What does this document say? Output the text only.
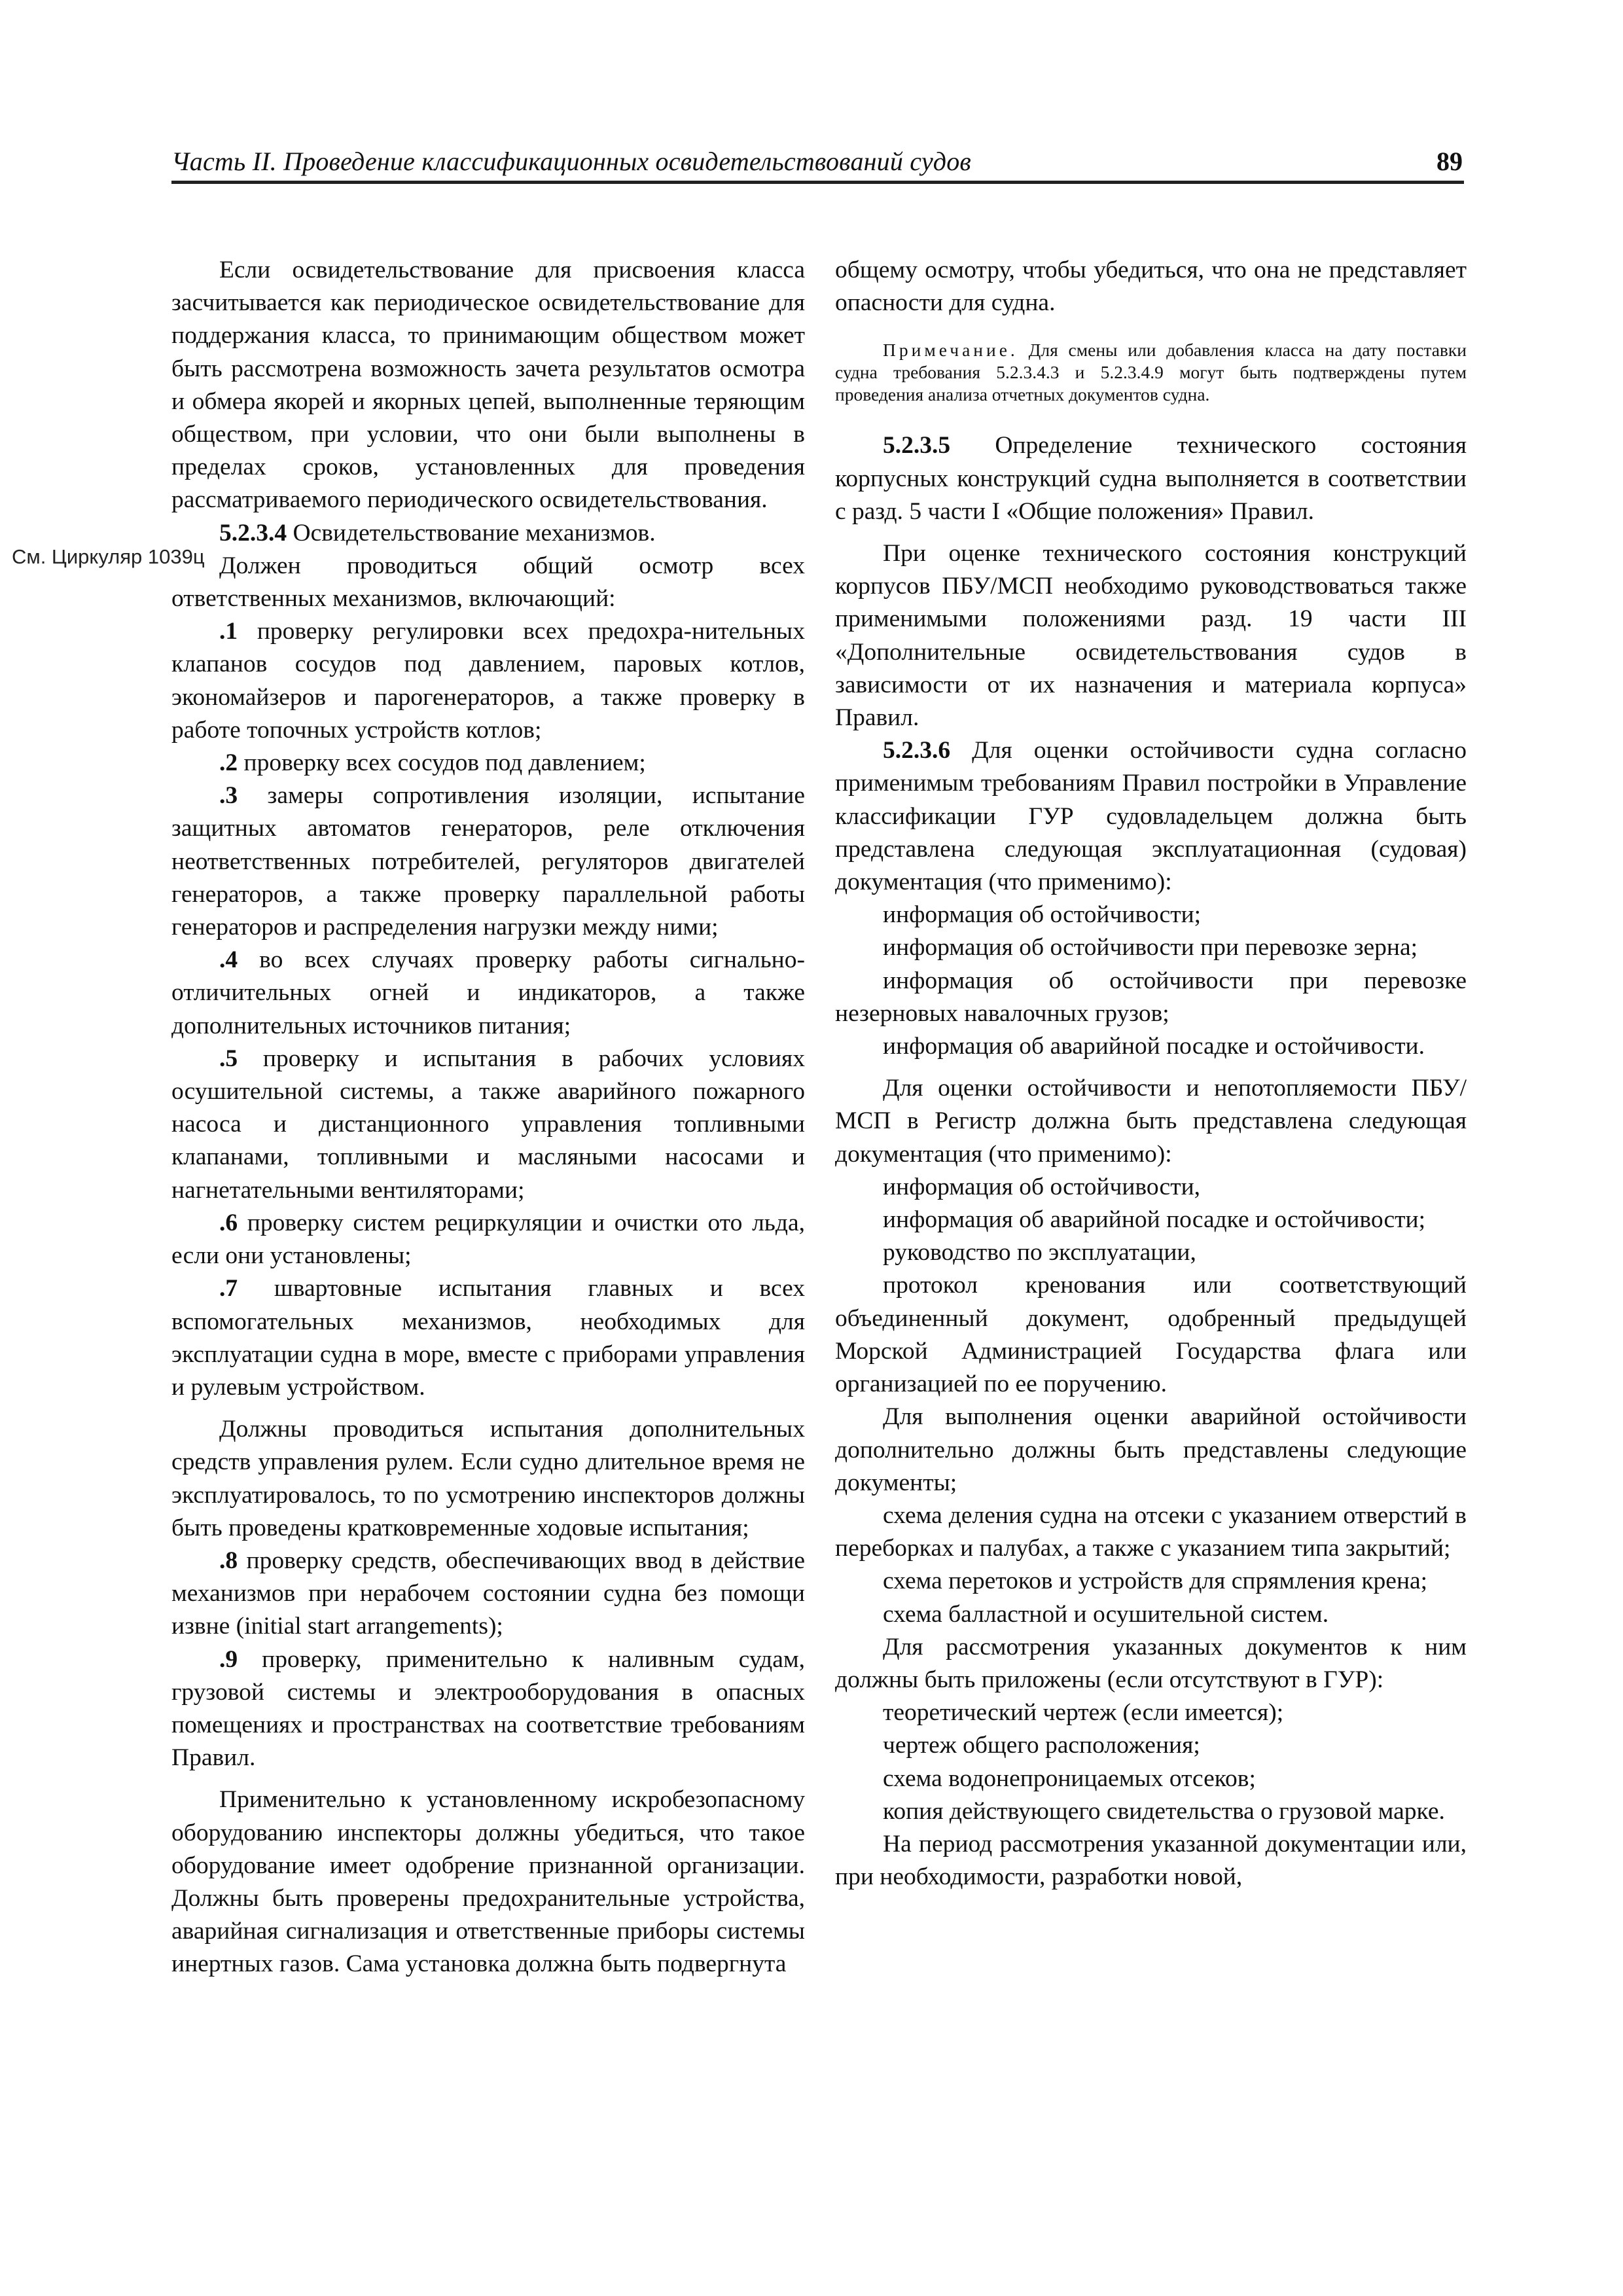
Часть II. Проведение классификационных освидетельствований судов	89
См. Циркуляр 1039ц

Если освидетельствование для присвоения класса засчитывается как периодическое освидетельствование для поддержания класса, то принимающим обществом может быть рассмотрена возможность зачета результатов осмотра и обмера якорей и якорных цепей, выполненные теряющим обществом, при условии, что они были выполнены в пределах сроков, установленных для проведения рассматриваемого периодического освидетельствования.

5.2.3.4 Освидетельствование механизмов.

Должен проводиться общий осмотр всех ответственных механизмов, включающий:

.1 проверку регулировки всех предохра-нительных клапанов сосудов под давлением, паровых котлов, экономайзеров и парогенераторов, а также проверку в работе топочных устройств котлов;

.2 проверку всех сосудов под давлением;

.3 замеры сопротивления изоляции, испытание защитных автоматов генераторов, реле отключения неответственных потребителей, регуляторов двигателей генераторов, а также проверку параллельной работы генераторов и распределения нагрузки между ними;

.4 во всех случаях проверку работы сигнально-отличительных огней и индикаторов, а также дополнительных источников питания;

.5 проверку и испытания в рабочих условиях осушительной системы, а также аварийного пожарного насоса и дистанционного управления топливными клапанами, топливными и масляными насосами и нагнетательными вентиляторами;

.6 проверку систем рециркуляции и очистки ото льда, если они установлены;

.7 швартовные испытания главных и всех вспомогательных механизмов, необходимых для эксплуатации судна в море, вместе с приборами управления и рулевым устройством.

Должны проводиться испытания дополнительных средств управления рулем. Если судно длительное время не эксплуатировалось, то по усмотрению инспекторов должны быть проведены кратковременные ходовые испытания;

.8 проверку средств, обеспечивающих ввод в действие механизмов при нерабочем состоянии судна без помощи извне (initial start arrangements);

.9 проверку, применительно к наливным судам, грузовой системы и электрооборудования в опасных помещениях и пространствах на соответствие требованиям Правил.

Применительно к установленному искробезопасному оборудованию инспекторы должны убедиться, что такое оборудование имеет одобрение признанной организации. Должны быть проверены предохранительные устройства, аварийная сигнализация и ответственные приборы системы инертных газов. Сама установка должна быть подвергнута

общему осмотру, чтобы убедиться, что она не представляет опасности для судна.

Примечание. Для смены или добавления класса на дату поставки судна требования 5.2.3.4.3 и 5.2.3.4.9 могут быть подтверждены путем проведения анализа отчетных документов судна.

5.2.3.5 Определение технического состояния корпусных конструкций судна выполняется в соответствии с разд. 5 части I «Общие положения» Правил.

При оценке технического состояния конструкций корпусов ПБУ/МСП необходимо руководствоваться также применимыми положениями разд. 19 части III «Дополнительные освидетельствования судов в зависимости от их назначения и материала корпуса» Правил.

5.2.3.6 Для оценки остойчивости судна согласно применимым требованиям Правил постройки в Управление классификации ГУР судовладельцем должна быть представлена следующая эксплуатационная (судовая) документация (что применимо):

информация об остойчивости;

информация об остойчивости при перевозке зерна;

информация об остойчивости при перевозке незерновых навалочных грузов;

информация об аварийной посадке и остойчивости.

Для оценки остойчивости и непотопляемости ПБУ/МСП в Регистр должна быть представлена следующая документация (что применимо):

информация об остойчивости,

информация об аварийной посадке и остойчивости;

руководство по эксплуатации,

протокол кренования или соответствующий объединенный документ, одобренный предыдущей Морской Администрацией Государства флага или организацией по ее поручению.

Для выполнения оценки аварийной остойчивости дополнительно должны быть представлены следующие документы;

схема деления судна на отсеки с указанием отверстий в переборках и палубах, а также с указанием типа закрытий;

схема перетоков и устройств для спрямления крена;

схема балластной и осушительной систем.

Для рассмотрения указанных документов к ним должны быть приложены (если отсутствуют в ГУР):

теоретический чертеж (если имеется);

чертеж общего расположения;

схема водонепроницаемых отсеков;

копия действующего свидетельства о грузовой марке.

На период рассмотрения указанной документации или, при необходимости, разработки новой,
